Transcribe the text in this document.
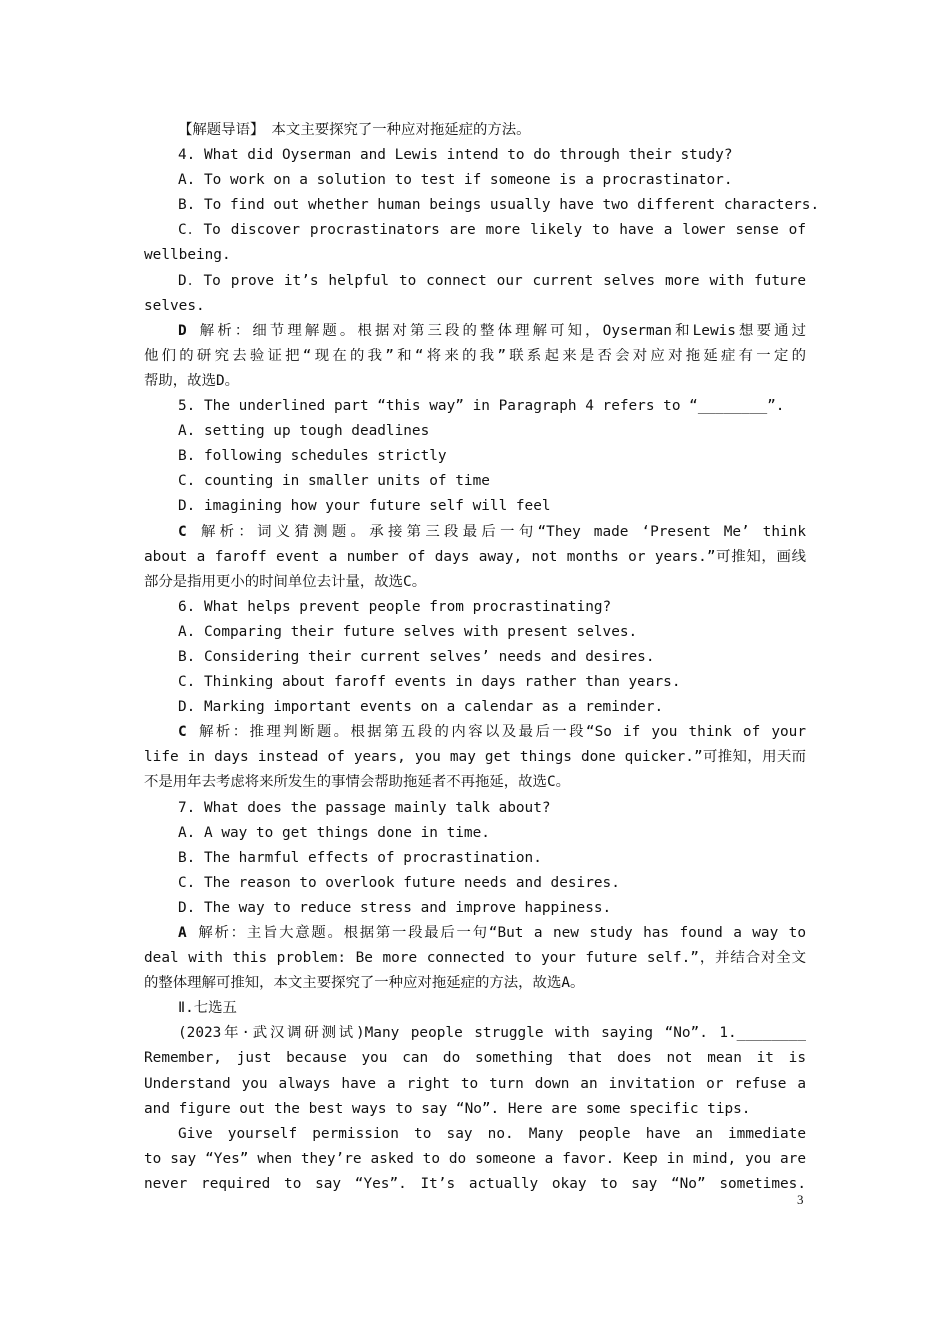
【解题导语】　本文主要探究了一种应对拖延症的方法。

4. What did Oyserman and Lewis intend to do through their study?

A. To work on a solution to test if someone is a procrastinator.

B. To find out whether human beings usually have two different characters.

C．To discover procrastinators are more likely to have a lower sense of

wellbeing.

D．To prove it’s helpful to connect our current selves more with future

selves.

D 解析：细节理解题。根据对第三段的整体理解可知，Oyserman和Lewis想要通过

他们的研究去验证把“现在的我”和“将来的我”联系起来是否会对应对拖延症有一定的

帮助，故选D。

5. The underlined part “this way” in Paragraph 4 refers to “________”.

A. setting up tough deadlines

B. following schedules strictly

C. counting in smaller units of time

D. imagining how your future self will feel

C 解析：词义猜测题。承接第三段最后一句“They made ‘Present Me’ think

about a faroff event a number of days away, not months or years.”可推知，画线

部分是指用更小的时间单位去计量，故选C。

6. What helps prevent people from procrastinating?

A. Comparing their future selves with present selves.

B. Considering their current selves’ needs and desires.

C. Thinking about faroff events in days rather than years.

D. Marking important events on a calendar as a reminder.

C 解析：推理判断题。根据第五段的内容以及最后一段“So if you think of your

life in days instead of years, you may get things done quicker.”可推知，用天而

不是用年去考虑将来所发生的事情会帮助拖延者不再拖延，故选C。

7. What does the passage mainly talk about?

A. A way to get things done in time.

B. The harmful effects of procrastination.

C. The reason to overlook future needs and desires.

D. The way to reduce stress and improve happiness.

A 解析：主旨大意题。根据第一段最后一句“But a new study has found a way to

deal with this problem: Be more connected to your future self.”，并结合对全文

的整体理解可推知，本文主要探究了一种应对拖延症的方法，故选A。

Ⅱ.七选五

(2023年·武汉调研测试)Many people struggle with saying “No”. 1.________

Remember, just because you can do something that does not mean it is

Understand you always have a right to turn down an invitation or refuse a

and figure out the best ways to say “No”. Here are some specific tips.

Give yourself permission to say no. Many people have an immediate

to say “Yes” when they’re asked to do someone a favor. Keep in mind, you are

never required to say “Yes”. It’s actually okay to say “No” sometimes.

3
